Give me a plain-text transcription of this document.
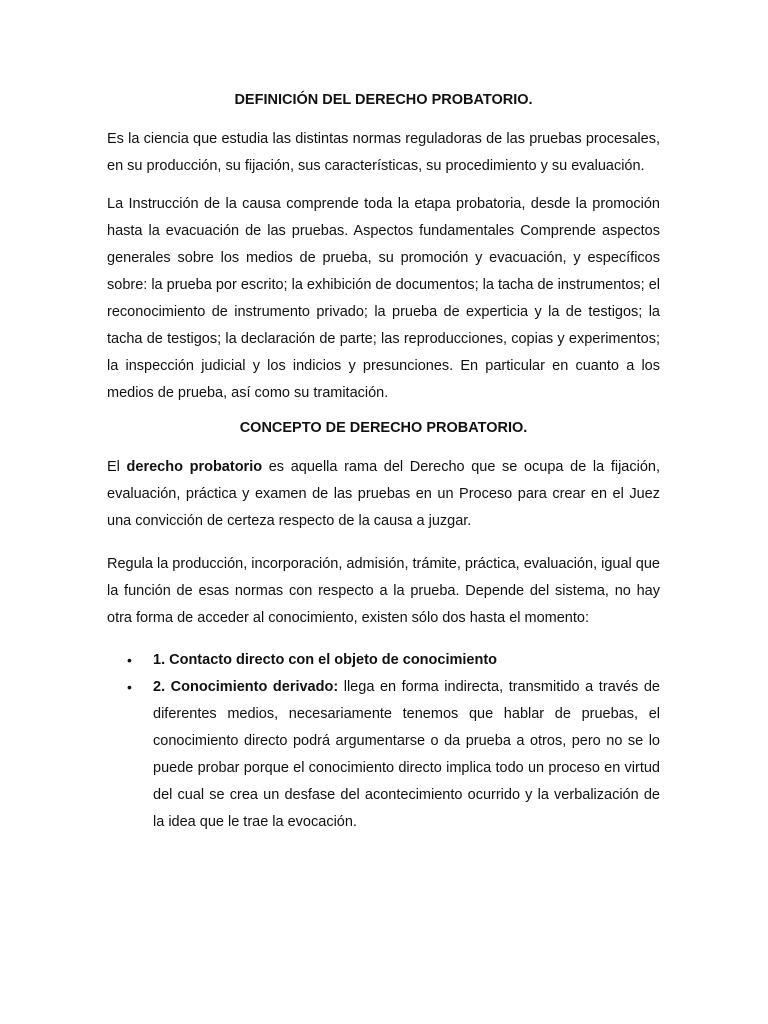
DEFINICIÓN DEL DERECHO PROBATORIO.

Es la ciencia que estudia las distintas normas reguladoras de las pruebas procesales, en su producción, su fijación, sus características, su procedimiento y su evaluación.

La Instrucción de la causa comprende toda la etapa probatoria, desde la promoción hasta la evacuación de las pruebas. Aspectos fundamentales Comprende aspectos generales sobre los medios de prueba, su promoción y evacuación, y específicos sobre: la prueba por escrito; la exhibición de documentos; la tacha de instrumentos; el reconocimiento de instrumento privado; la prueba de experticia y la de testigos; la tacha de testigos; la declaración de parte; las reproducciones, copias y experimentos; la inspección judicial y los indicios y presunciones. En particular en cuanto a los medios de prueba, así como su tramitación.

CONCEPTO DE DERECHO PROBATORIO.

El derecho probatorio es aquella rama del Derecho que se ocupa de la fijación, evaluación, práctica y examen de las pruebas en un Proceso para crear en el Juez una convicción de certeza respecto de la causa a juzgar.

Regula la producción, incorporación, admisión, trámite, práctica, evaluación, igual que la función de esas normas con respecto a la prueba. Depende del sistema, no hay otra forma de acceder al conocimiento, existen sólo dos hasta el momento:

• 1. Contacto directo con el objeto de conocimiento
• 2. Conocimiento derivado: llega en forma indirecta, transmitido a través de diferentes medios, necesariamente tenemos que hablar de pruebas, el conocimiento directo podrá argumentarse o da prueba a otros, pero no se lo puede probar porque el conocimiento directo implica todo un proceso en virtud del cual se crea un desfase del acontecimiento ocurrido y la verbalización de la idea que le trae la evocación.
